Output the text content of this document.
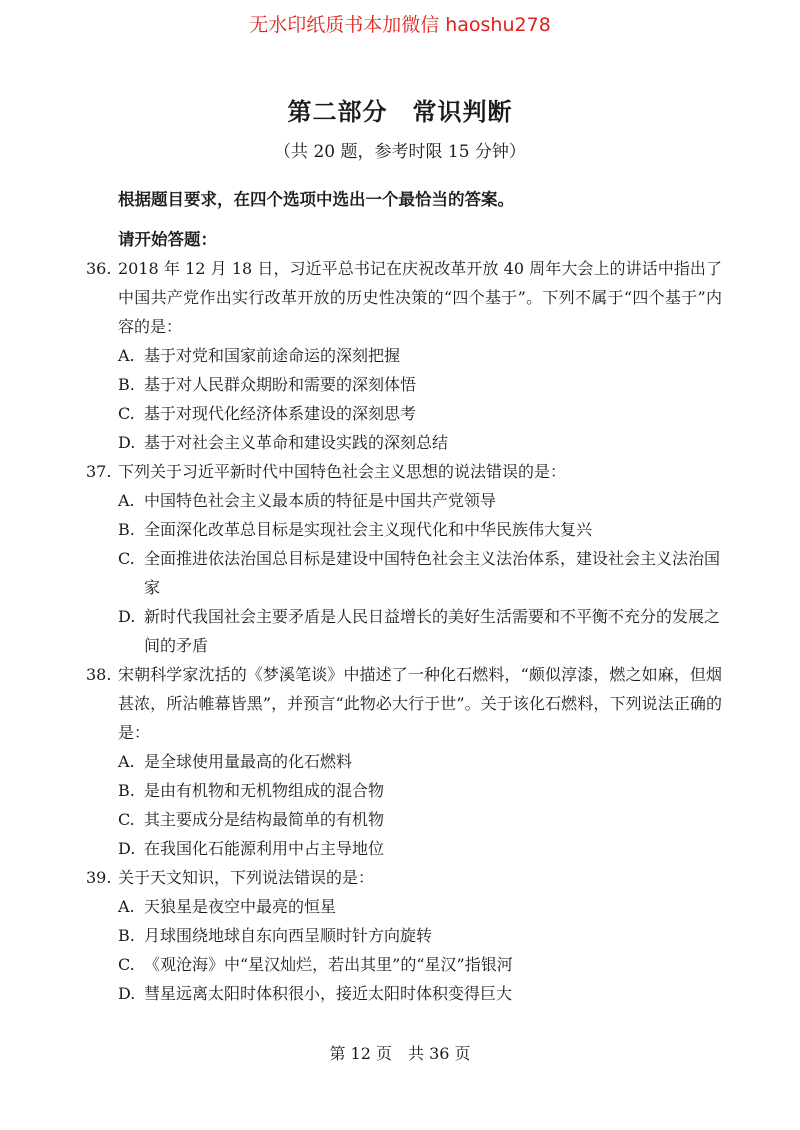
无水印纸质书本加微信 haoshu278
第二部分　常识判断
（共 20 题，参考时限 15 分钟）
根据题目要求，在四个选项中选出一个最恰当的答案。
请开始答题：
36. 2018 年 12 月 18 日，习近平总书记在庆祝改革开放 40 周年大会上的讲话中指出了中国共产党作出实行改革开放的历史性决策的“四个基于”。下列不属于“四个基于”内容的是：
A. 基于对党和国家前途命运的深刻把握
B. 基于对人民群众期盼和需要的深刻体悟
C. 基于对现代化经济体系建设的深刻思考
D. 基于对社会主义革命和建设实践的深刻总结
37. 下列关于习近平新时代中国特色社会主义思想的说法错误的是：
A. 中国特色社会主义最本质的特征是中国共产党领导
B. 全面深化改革总目标是实现社会主义现代化和中华民族伟大复兴
C. 全面推进依法治国总目标是建设中国特色社会主义法治体系，建设社会主义法治国家
D. 新时代我国社会主要矛盾是人民日益增长的美好生活需要和不平衡不充分的发展之间的矛盾
38. 宋朝科学家沈括的《梦溪笔谈》中描述了一种化石燃料，“颇似淳漆，燃之如麻，但烟甚浓，所沾帷幕皆黑”，并预言“此物必大行于世”。关于该化石燃料，下列说法正确的是：
A. 是全球使用量最高的化石燃料
B. 是由有机物和无机物组成的混合物
C. 其主要成分是结构最简单的有机物
D. 在我国化石能源利用中占主导地位
39. 关于天文知识，下列说法错误的是：
A. 天狼星是夜空中最亮的恒星
B. 月球围绕地球自东向西呈顺时针方向旋转
C. 《观沧海》中“星汉灿烂，若出其里”的“星汉”指银河
D. 彗星远离太阳时体积很小，接近太阳时体积变得巨大
第 12 页　共 36 页
